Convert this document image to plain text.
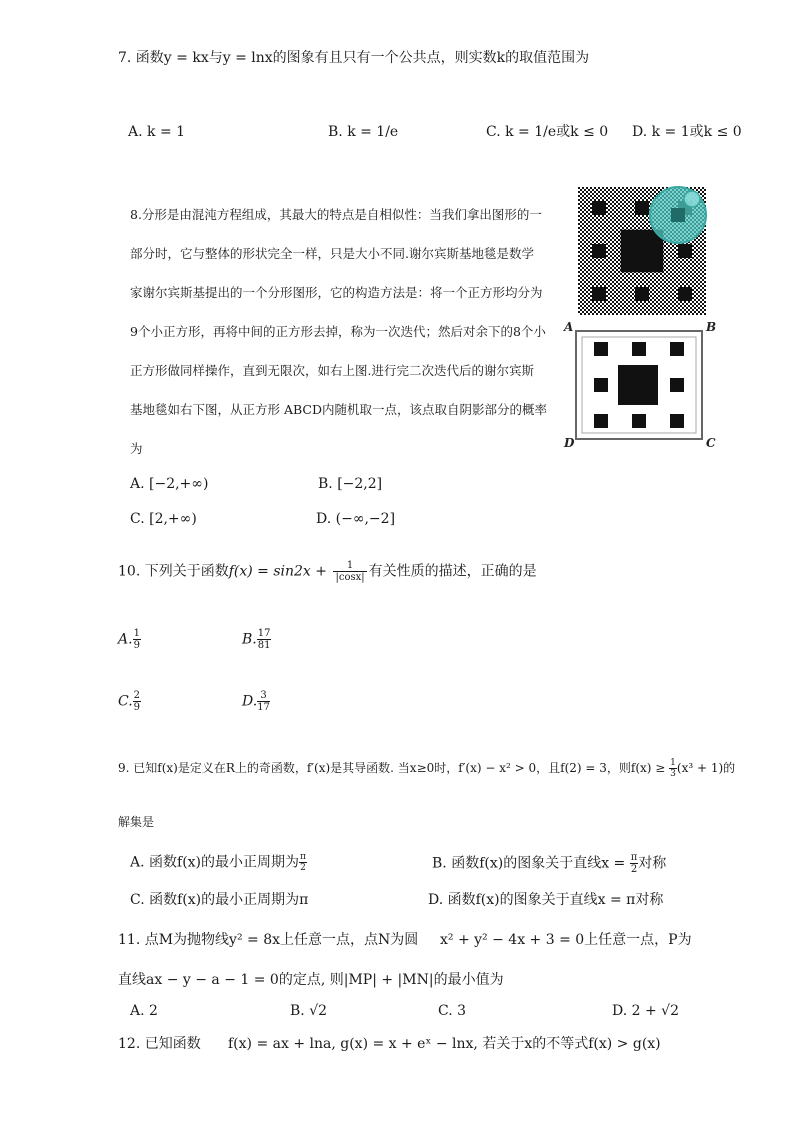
7. 函数y = kx与y = lnx的图象有且只有一个公共点，则实数k的取值范围为
A. k = 1	B. k = 1/e	C. k = 1/e或k ≤ 0 D. k = 1或k ≤ 0
8.分形是由混沌方程组成，其最大的特点是自相似性：当我们拿出图形的一
部分时，它与整体的形状完全一样，只是大小不同.谢尔宾斯基地毯是数学
家谢尔宾斯基提出的一个分形图形，它的构造方法是：将一个正方形均分为
9个小正方形，再将中间的正方形去掉，称为一次迭代；然后对余下的8个小
正方形做同样操作，直到无限次，如右上图.进行完二次迭代后的谢尔宾斯
基地毯如右下图，从正方形 ABCD内随机取一点，该点取自阴影部分的概率
为
A	B
D	C
A. [−2,+∞)	B. [−2,2]
C. [2,+∞)	D. (−∞,−2]
10. 下列关于函数$f(x) = \sin 2x + \frac{1}{|\cos x|}$ 有关性质的描述，正确的是
A. $\frac{1}{9}$	B. $\frac{17}{81}$
C. $\frac{2}{9}$	D. $\frac{3}{17}$
9. 已知f(x)是定义在R上的奇函数，f′(x)是其导函数. 当x≥0时，f′(x) − x² > 0，且f(2) = 3，则$f(x) \ge \frac{1}{3} (x^3 + 1)$的
解集是
A. 函数f(x)的最小正周期为 $\frac{\pi}{2}$	B. 函数f(x)的图象关于直线$x = \frac{\pi}{2}$ 对称
C. 函数f(x)的最小正周期为π	D. 函数f(x)的图象关于直线x = π对称
11. 点M为抛物线y² = 8x上任意一点，点N为圆 x² + y² − 4x + 3 = 0上任意一点，P为
直线ax − y − a − 1 = 0的定点, 则|MP| + |MN|的最小值为
A. 2	B. √2	C. 3	D. 2 + √2
12. 已知函数 f(x) = ax + lna, g(x) = x + eˣ − lnx, 若关于x的不等式f(x) > g(x)
